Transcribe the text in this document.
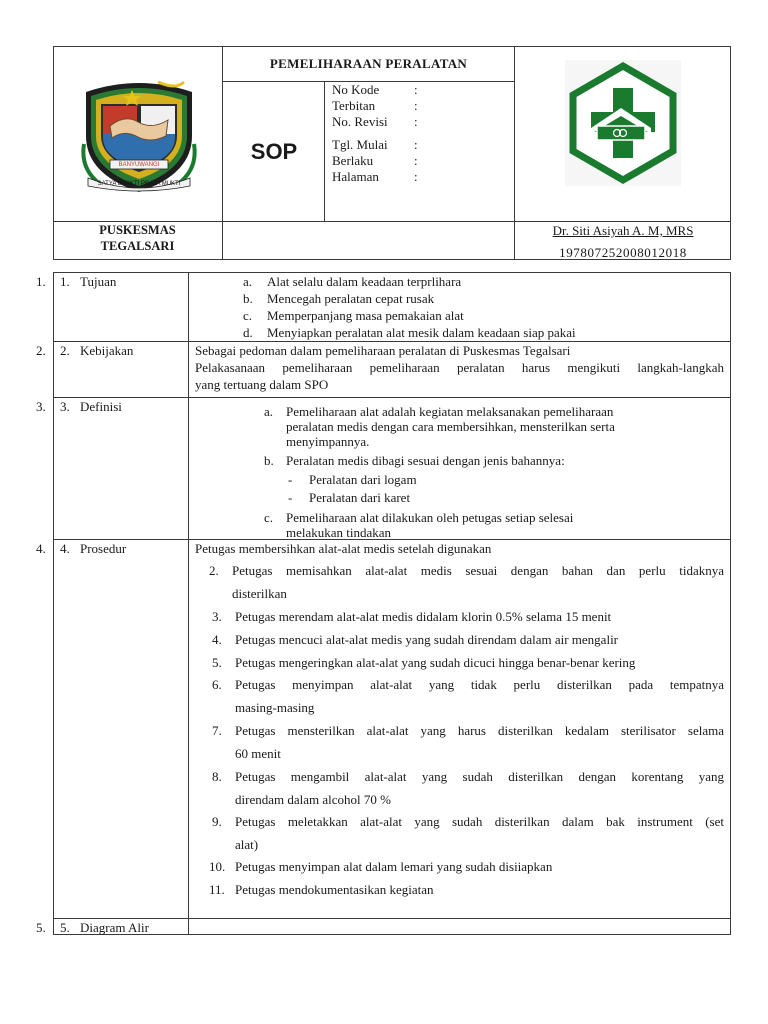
BANYUWANGI
SATYA BHAKTI PRAJA MUKTI
PEMELIHARAAN PERALATAN
SOP
No Kode	:
Terbitan	:
No. Revisi :
Tgl. Mulai :
Berlaku	:
Halaman	:
PUSKESMAS
TEGALSARI
Dr. Siti Asiyah A. M, MRS
197807252008012018
1. 1. Tujuan	a. Alat selalu dalam keadaan terprlihara
b. Mencegah peralatan cepat rusak
c. Memperpanjang masa pemakaian alat
d. Menyiapkan peralatan alat mesik dalam keadaan siap pakai
2. 2. Kebijakan	Sebagai pedoman dalam pemeliharaan peralatan di Puskesmas Tegalsari
Pelakasanaan pemeliharaan pemeliharaan peralatan harus mengikuti langkah-langkah
yang tertuang dalam SPO
3. 3. Definisi	a. Pemeliharaan alat adalah kegiatan melaksanakan pemeliharaan
peralatan medis dengan cara membersihkan, mensterilkan serta
menyimpannya.
b. Peralatan medis dibagi sesuai dengan jenis bahannya:
- Peralatan dari logam
- Peralatan dari karet
c. Pemeliharaan alat dilakukan oleh petugas setiap selesai
melakukan tindakan
4. 4. Prosedur	Petugas membersihkan alat-alat medis setelah digunakan
2. Petugas memisahkan alat-alat medis sesuai dengan bahan dan perlu tidaknya
disterilkan
3. Petugas merendam alat-alat medis didalam klorin 0.5% selama 15 menit
4. Petugas mencuci alat-alat medis yang sudah direndam dalam air mengalir
5. Petugas mengeringkan alat-alat yang sudah dicuci hingga benar-benar kering
6. Petugas menyimpan alat-alat yang tidak perlu disterilkan pada tempatnya
masing-masing
7. Petugas mensterilkan alat-alat yang harus disterilkan kedalam sterilisator selama
60 menit
8. Petugas mengambil alat-alat yang sudah disterilkan dengan korentang yang
direndam dalam alcohol 70 %
9. Petugas meletakkan alat-alat yang sudah disterilkan dalam bak instrument (set
alat)
10. Petugas menyimpan alat dalam lemari yang sudah disiiapkan
11. Petugas mendokumentasikan kegiatan
5. 5. Diagram Alir
